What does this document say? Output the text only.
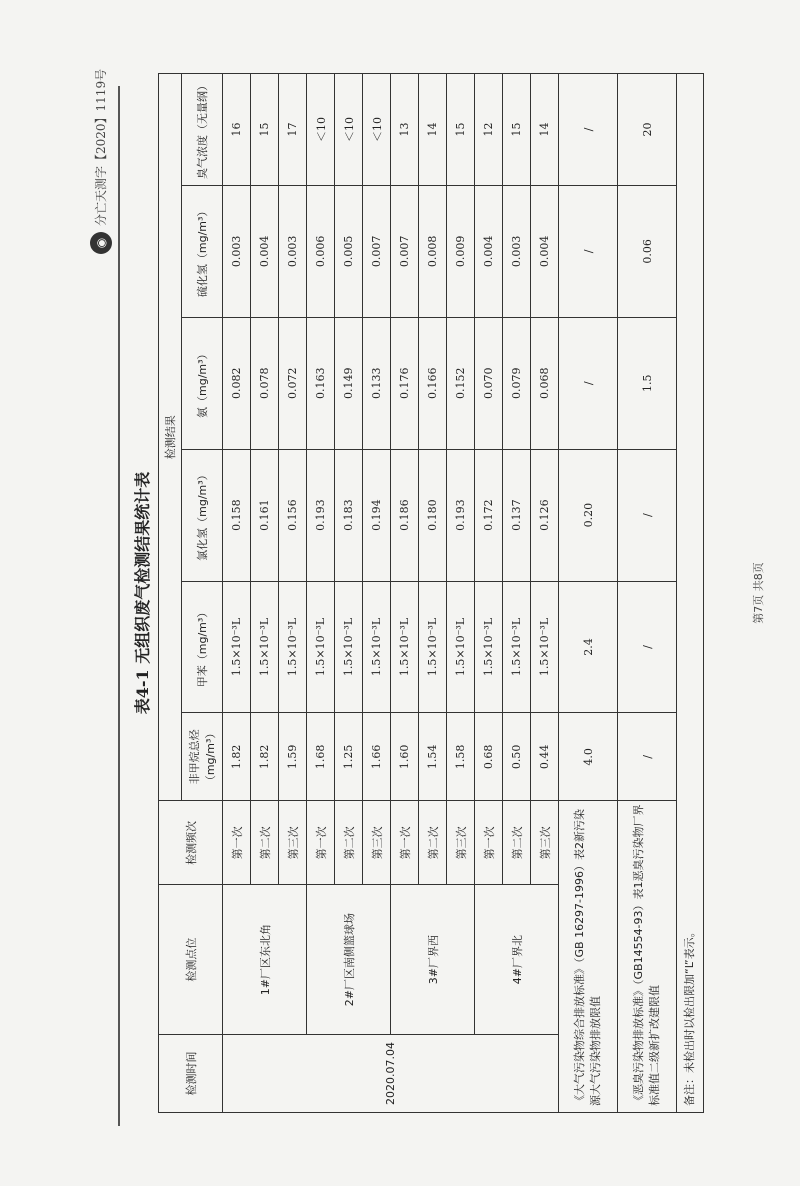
◉
分亡天测字【2020】1119号
表4-1 无组织废气检测结果统计表
检测时间	检测点位	检测频次	检测结果					
			非甲烷总烃（mg/m³）	甲苯（mg/m³）	氯化氢（mg/m³）	氨（mg/m³）	硫化氢（mg/m³）	臭气浓度（无量纲）
2020.07.04	1#厂区东北角	第一次	1.82	1.5×10⁻³L	0.158	0.082	0.003	16
		第二次	1.82	1.5×10⁻³L	0.161	0.078	0.004	15
		第三次	1.59	1.5×10⁻³L	0.156	0.072	0.003	17
	2#厂区南侧篮球场	第一次	1.68	1.5×10⁻³L	0.193	0.163	0.006	＜10
		第二次	1.25	1.5×10⁻³L	0.183	0.149	0.005	＜10
		第三次	1.66	1.5×10⁻³L	0.194	0.133	0.007	＜10
	3#厂界西	第一次	1.60	1.5×10⁻³L	0.186	0.176	0.007	13
		第二次	1.54	1.5×10⁻³L	0.180	0.166	0.008	14
		第三次	1.58	1.5×10⁻³L	0.193	0.152	0.009	15
	4#厂界北	第一次	0.68	1.5×10⁻³L	0.172	0.070	0.004	12
		第二次	0.50	1.5×10⁻³L	0.137	0.079	0.003	15
		第三次	0.44	1.5×10⁻³L	0.126	0.068	0.004	14
《大气污染物综合排放标准》（GB 16297-1996）表2新污染源大气污染物排放限值			4.0	2.4	0.20	/	/	/
《恶臭污染物排放标准》（GB14554-93）表1恶臭污染物厂界标准值二级新扩改建限值			/	/	/	1.5	0.06	20
备注：未检出时以检出限加“L”表示。								
第7页 共8页
